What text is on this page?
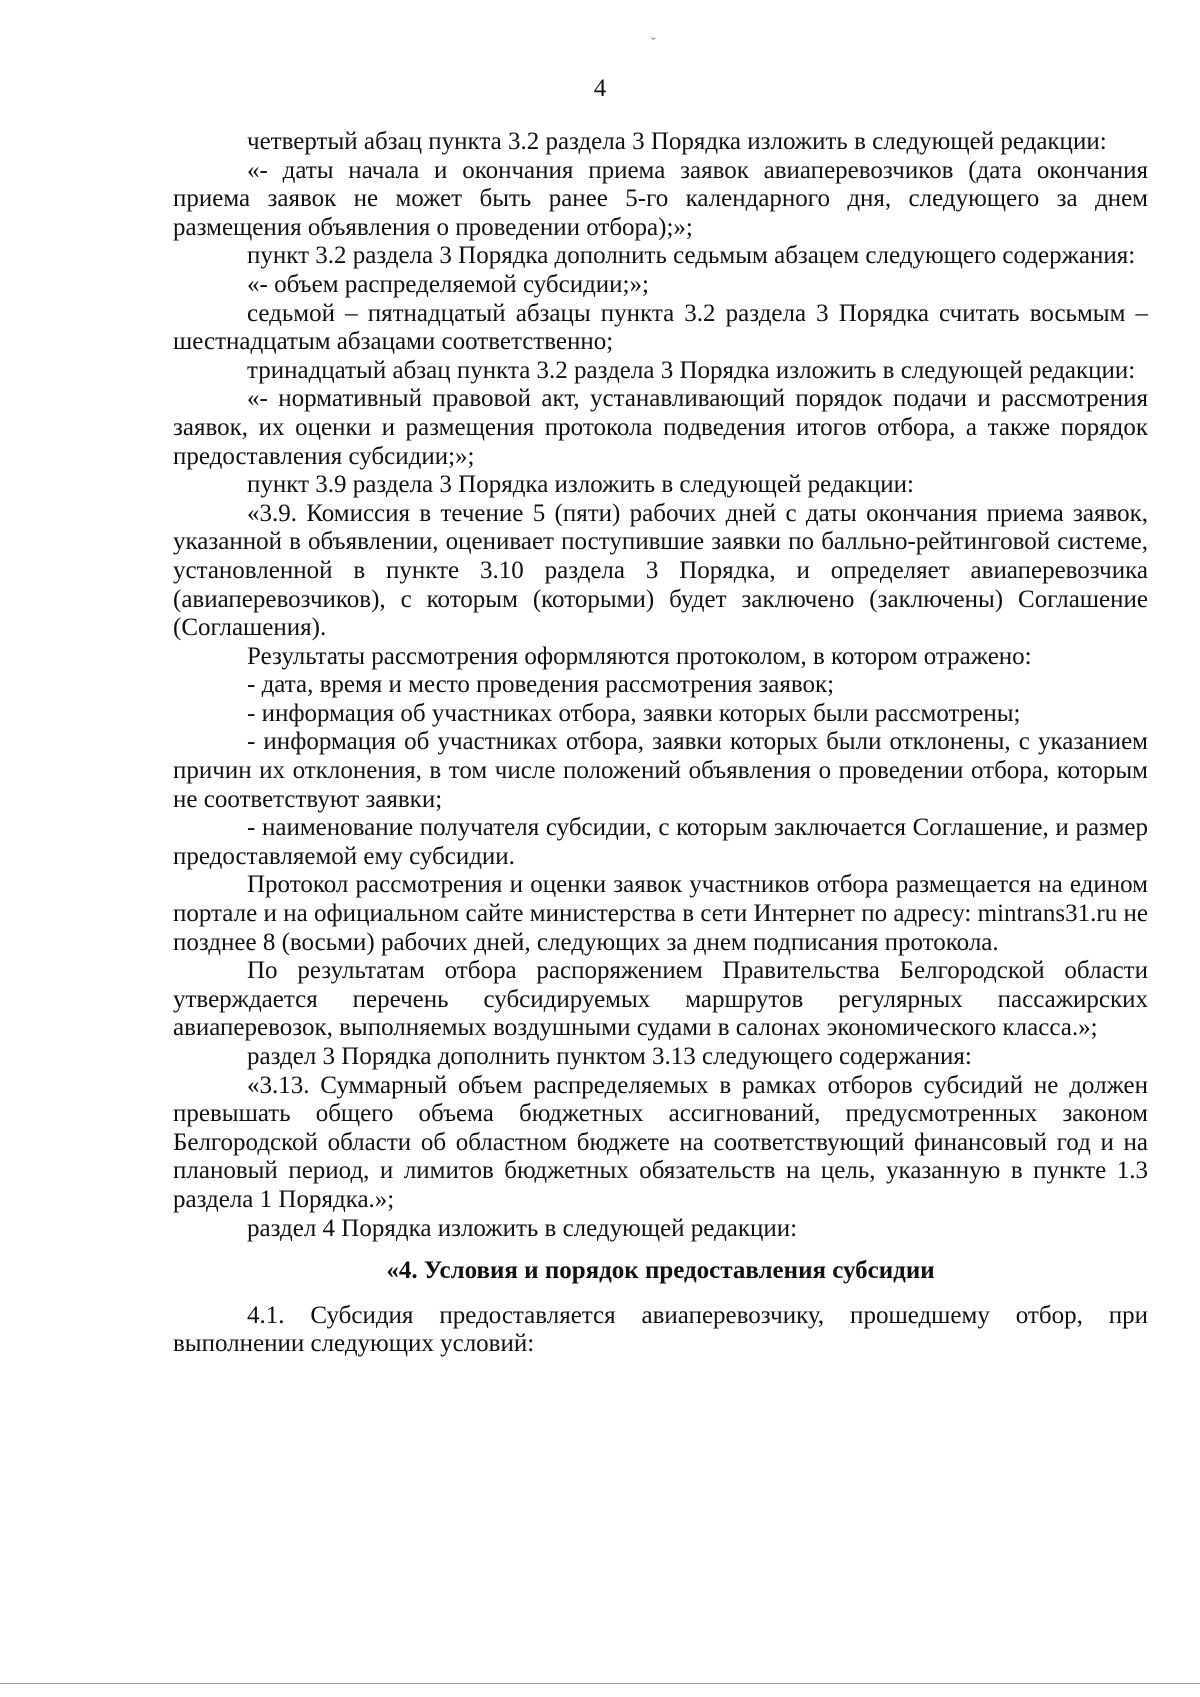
4

четвертый абзац пункта 3.2 раздела 3 Порядка изложить в следующей редакции:

«- даты начала и окончания приема заявок авиаперевозчиков (дата окончания приема заявок не может быть ранее 5-го календарного дня, следующего за днем размещения объявления о проведении отбора);»;

пункт 3.2 раздела 3 Порядка дополнить седьмым абзацем следующего содержания:

«- объем распределяемой субсидии;»;

седьмой – пятнадцатый абзацы пункта 3.2 раздела 3 Порядка считать восьмым – шестнадцатым абзацами соответственно;

тринадцатый абзац пункта 3.2 раздела 3 Порядка изложить в следующей редакции:

«- нормативный правовой акт, устанавливающий порядок подачи и рассмотрения заявок, их оценки и размещения протокола подведения итогов отбора, а также порядок предоставления субсидии;»;

пункт 3.9 раздела 3 Порядка изложить в следующей редакции:

«3.9. Комиссия в течение 5 (пяти) рабочих дней с даты окончания приема заявок, указанной в объявлении, оценивает поступившие заявки по балльно-рейтинговой системе, установленной в пункте 3.10 раздела 3 Порядка, и определяет авиаперевозчика (авиаперевозчиков), с которым (которыми) будет заключено (заключены) Соглашение (Соглашения).

Результаты рассмотрения оформляются протоколом, в котором отражено:

- дата, время и место проведения рассмотрения заявок;

- информация об участниках отбора, заявки которых были рассмотрены;

- информация об участниках отбора, заявки которых были отклонены, с указанием причин их отклонения, в том числе положений объявления о проведении отбора, которым не соответствуют заявки;

- наименование получателя субсидии, с которым заключается Соглашение, и размер предоставляемой ему субсидии.

Протокол рассмотрения и оценки заявок участников отбора размещается на едином портале и на официальном сайте министерства в сети Интернет по адресу: mintrans31.ru не позднее 8 (восьми) рабочих дней, следующих за днем подписания протокола.

По результатам отбора распоряжением Правительства Белгородской области утверждается перечень субсидируемых маршрутов регулярных пассажирских авиаперевозок, выполняемых воздушными судами в салонах экономического класса.»;

раздел 3 Порядка дополнить пунктом 3.13 следующего содержания:

«3.13. Суммарный объем распределяемых в рамках отборов субсидий не должен превышать общего объема бюджетных ассигнований, предусмотренных законом Белгородской области об областном бюджете на соответствующий финансовый год и на плановый период, и лимитов бюджетных обязательств на цель, указанную в пункте 1.3 раздела 1 Порядка.»;

раздел 4 Порядка изложить в следующей редакции:

«4. Условия и порядок предоставления субсидии

4.1. Субсидия предоставляется авиаперевозчику, прошедшему отбор, при выполнении следующих условий:

ˇ
